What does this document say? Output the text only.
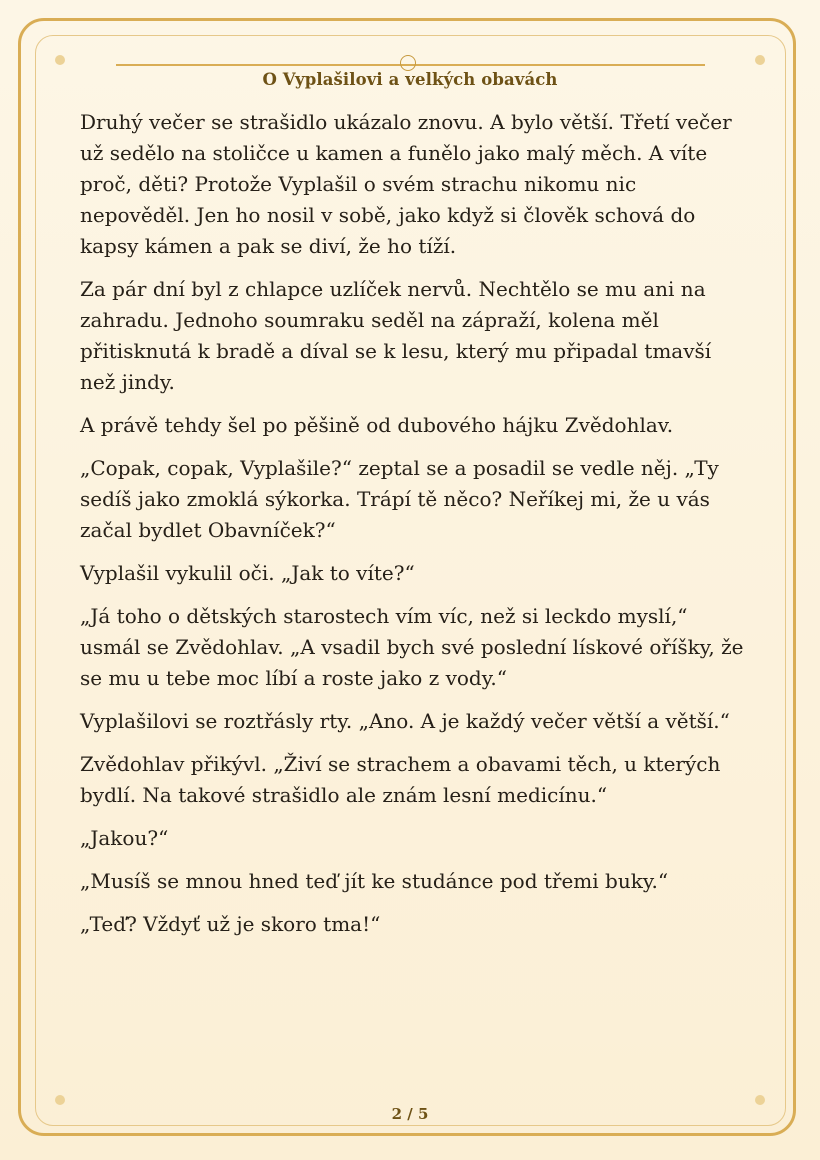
O Vyplašilovi a velkých obavách

Druhý večer se strašidlo ukázalo znovu. A bylo větší. Třetí večer už sedělo na stoličce u kamen a funělo jako malý měch. A víte proč, děti? Protože Vyplašil o svém strachu nikomu nic nepověděl. Jen ho nosil v sobě, jako když si člověk schová do kapsy kámen a pak se diví, že ho tíží.

Za pár dní byl z chlapce uzlíček nervů. Nechtělo se mu ani na zahradu. Jednoho soumraku seděl na zápraží, kolena měl přitisknutá k bradě a díval se k lesu, který mu připadal tmavší než jindy.

A právě tehdy šel po pěšině od dubového hájku Zvědohlav.

„Copak, copak, Vyplašile?“ zeptal se a posadil se vedle něj. „Ty sedíš jako zmoklá sýkorka. Trápí tě něco? Neříkej mi, že u vás začal bydlet Obavníček?“

Vyplašil vykulil oči. „Jak to víte?“

„Já toho o dětských starostech vím víc, než si leckdo myslí,“ usmál se Zvědohlav. „A vsadil bych své poslední lískové oříšky, že se mu u tebe moc líbí a roste jako z vody.“

Vyplašilovi se roztřásly rty. „Ano. A je každý večer větší a větší.“

Zvědohlav přikývl. „Živí se strachem a obavami těch, u kterých bydlí. Na takové strašidlo ale znám lesní medicínu.“

„Jakou?“

„Musíš se mnou hned teď jít ke studánce pod třemi buky.“

„Teď? Vždyť už je skoro tma!“

2 / 5
